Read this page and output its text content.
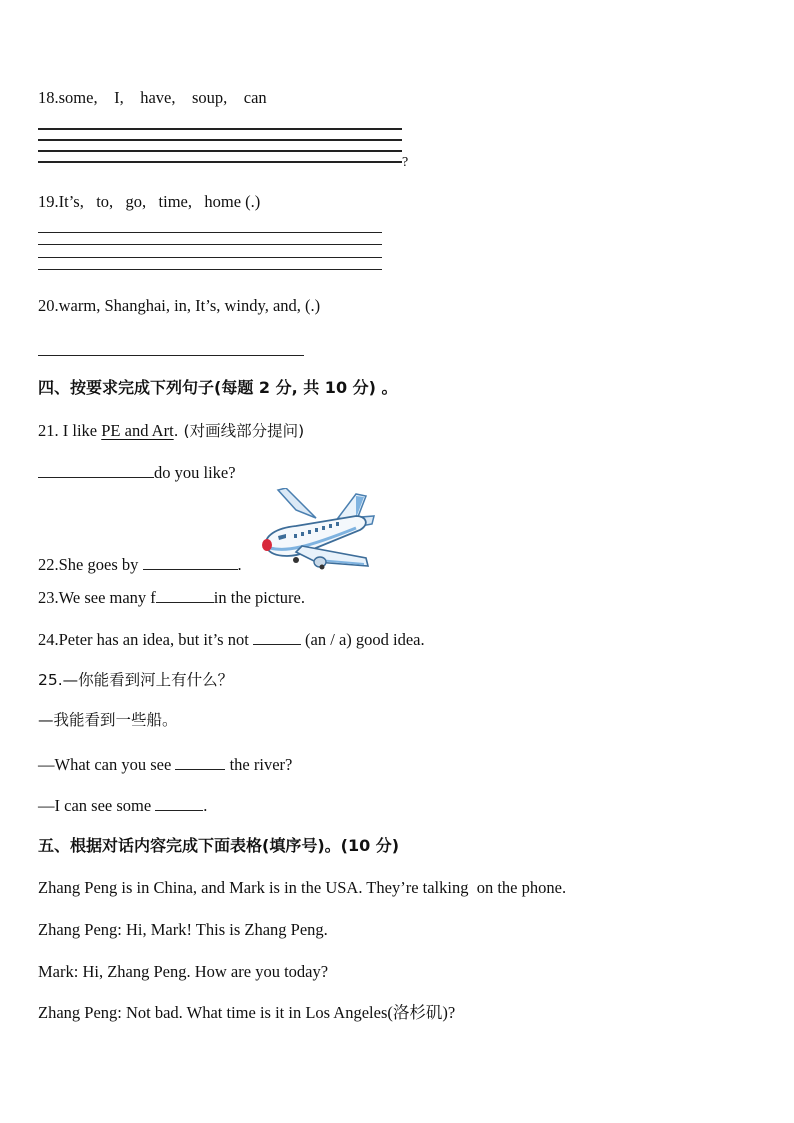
18.some,    I,    have,    soup,    can
?
19.It’s,   to,   go,   time,   home (.)
20.warm, Shanghai, in, It’s, windy, and, (.)
四、按要求完成下列句子(每题 2 分, 共 10 分) 。
21. I like PE and Art. (对画线部分提问)
do you like?
22.She goes by	.
23.We see many f	in the picture.
24.Peter has an idea, but it’s not	(an / a) good idea.
25.—你能看到河上有什么？
—我能看到一些船。
—What can you see	the river?
—I can see some	.
五、根据对话内容完成下面表格(填序号)。(10 分)
Zhang Peng is in China, and Mark is in the USA. They’re talking  on the phone.
Zhang Peng: Hi, Mark! This is Zhang Peng.
Mark: Hi, Zhang Peng. How are you today?
Zhang Peng: Not bad. What time is it in Los Angeles(洛杉矶)?
